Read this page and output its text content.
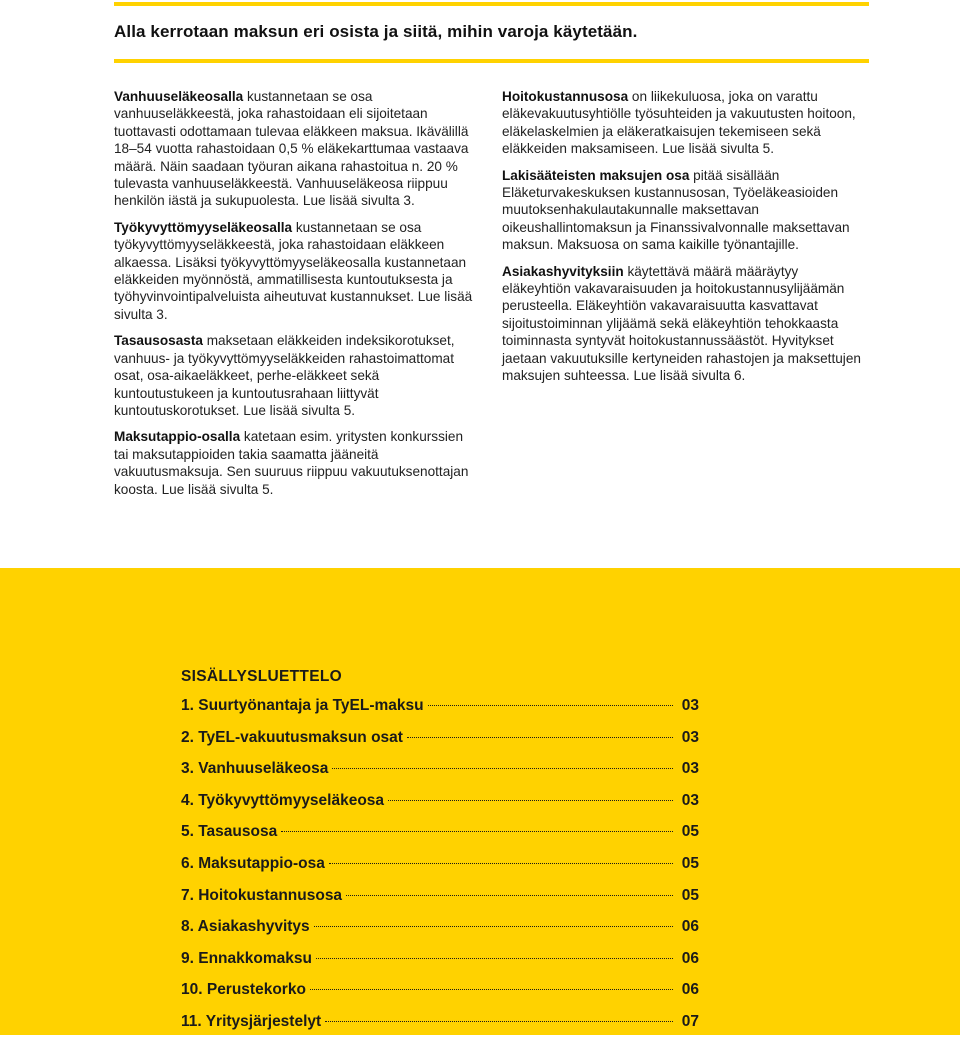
Alla kerrotaan maksun eri osista ja siitä, mihin varoja käytetään.

Vanhuuseläkeosalla kustannetaan se osa vanhuuseläkkeestä, joka rahastoidaan eli sijoitetaan tuottavasti odottamaan tulevaa eläkkeen maksua. Ikävälillä 18–54 vuotta rahastoidaan 0,5 % eläkekarttumaa vastaava määrä. Näin saadaan työuran aikana rahastoitua n. 20 % tulevasta vanhuuseläkkeestä. Vanhuuseläkeosa riippuu henkilön iästä ja sukupuolesta. Lue lisää sivulta 3.

Työkyvyttömyyseläkeosalla kustannetaan se osa työkyvyttömyyseläkkeestä, joka rahastoidaan eläkkeen alkaessa. Lisäksi työkyvyttömyyseläkeosalla kustannetaan eläkkeiden myönnöstä, ammatillisesta kuntoutuksesta ja työhyvinvointipalveluista aiheutuvat kustannukset. Lue lisää sivulta 3.

Tasausosasta maksetaan eläkkeiden indeksikorotukset, vanhuus- ja työkyvyttömyyseläkkeiden rahastoimattomat osat, osa-aikaeläkkeet, perhe-eläkkeet sekä kuntoutustukeen ja kuntoutusrahaan liittyvät kuntoutuskorotukset. Lue lisää sivulta 5.

Maksutappio-osalla katetaan esim. yritysten konkurssien tai maksutappioiden takia saamatta jääneitä vakuutusmaksuja. Sen suuruus riippuu vakuutuksenottajan koosta. Lue lisää sivulta 5.

Hoitokustannusosa on liikekuluosa, joka on varattu eläkevakuutusyhtiölle työsuhteiden ja vakuutusten hoitoon, eläkelaskelmien ja eläkeratkaisujen tekemiseen sekä eläkkeiden maksamiseen. Lue lisää sivulta 5.

Lakisääteisten maksujen osa pitää sisällään Eläketurvakeskuksen kustannusosan, Työeläkeasioiden muutoksenhakulautakunnalle maksettavan oikeushallintomaksun ja Finanssivalvonnalle maksettavan maksun. Maksuosa on sama kaikille työnantajille.

Asiakashyvityksiin käytettävä määrä määräytyy eläkeyhtiön vakavaraisuuden ja hoitokustannusylijäämän perusteella. Eläkeyhtiön vakavaraisuutta kasvattavat sijoitustoiminnan ylijäämä sekä eläkeyhtiön tehokkaasta toiminnasta syntyvät hoitokustannussäästöt. Hyvitykset jaetaan vakuutuksille kertyneiden rahastojen ja maksettujen maksujen suhteessa. Lue lisää sivulta 6.

SISÄLLYSLUETTELO
1. Suurtyönantaja ja TyEL-maksu	03
2. TyEL-vakuutusmaksun osat	03
3. Vanhuuseläkeosa	03
4. Työkyvyttömyyseläkeosa	03
5. Tasausosa	05
6. Maksutappio-osa	05
7. Hoitokustannusosa	05
8. Asiakashyvitys	06
9. Ennakkomaksu	06
10. Perustekorko	06
11. Yritysjärjestelyt	07
